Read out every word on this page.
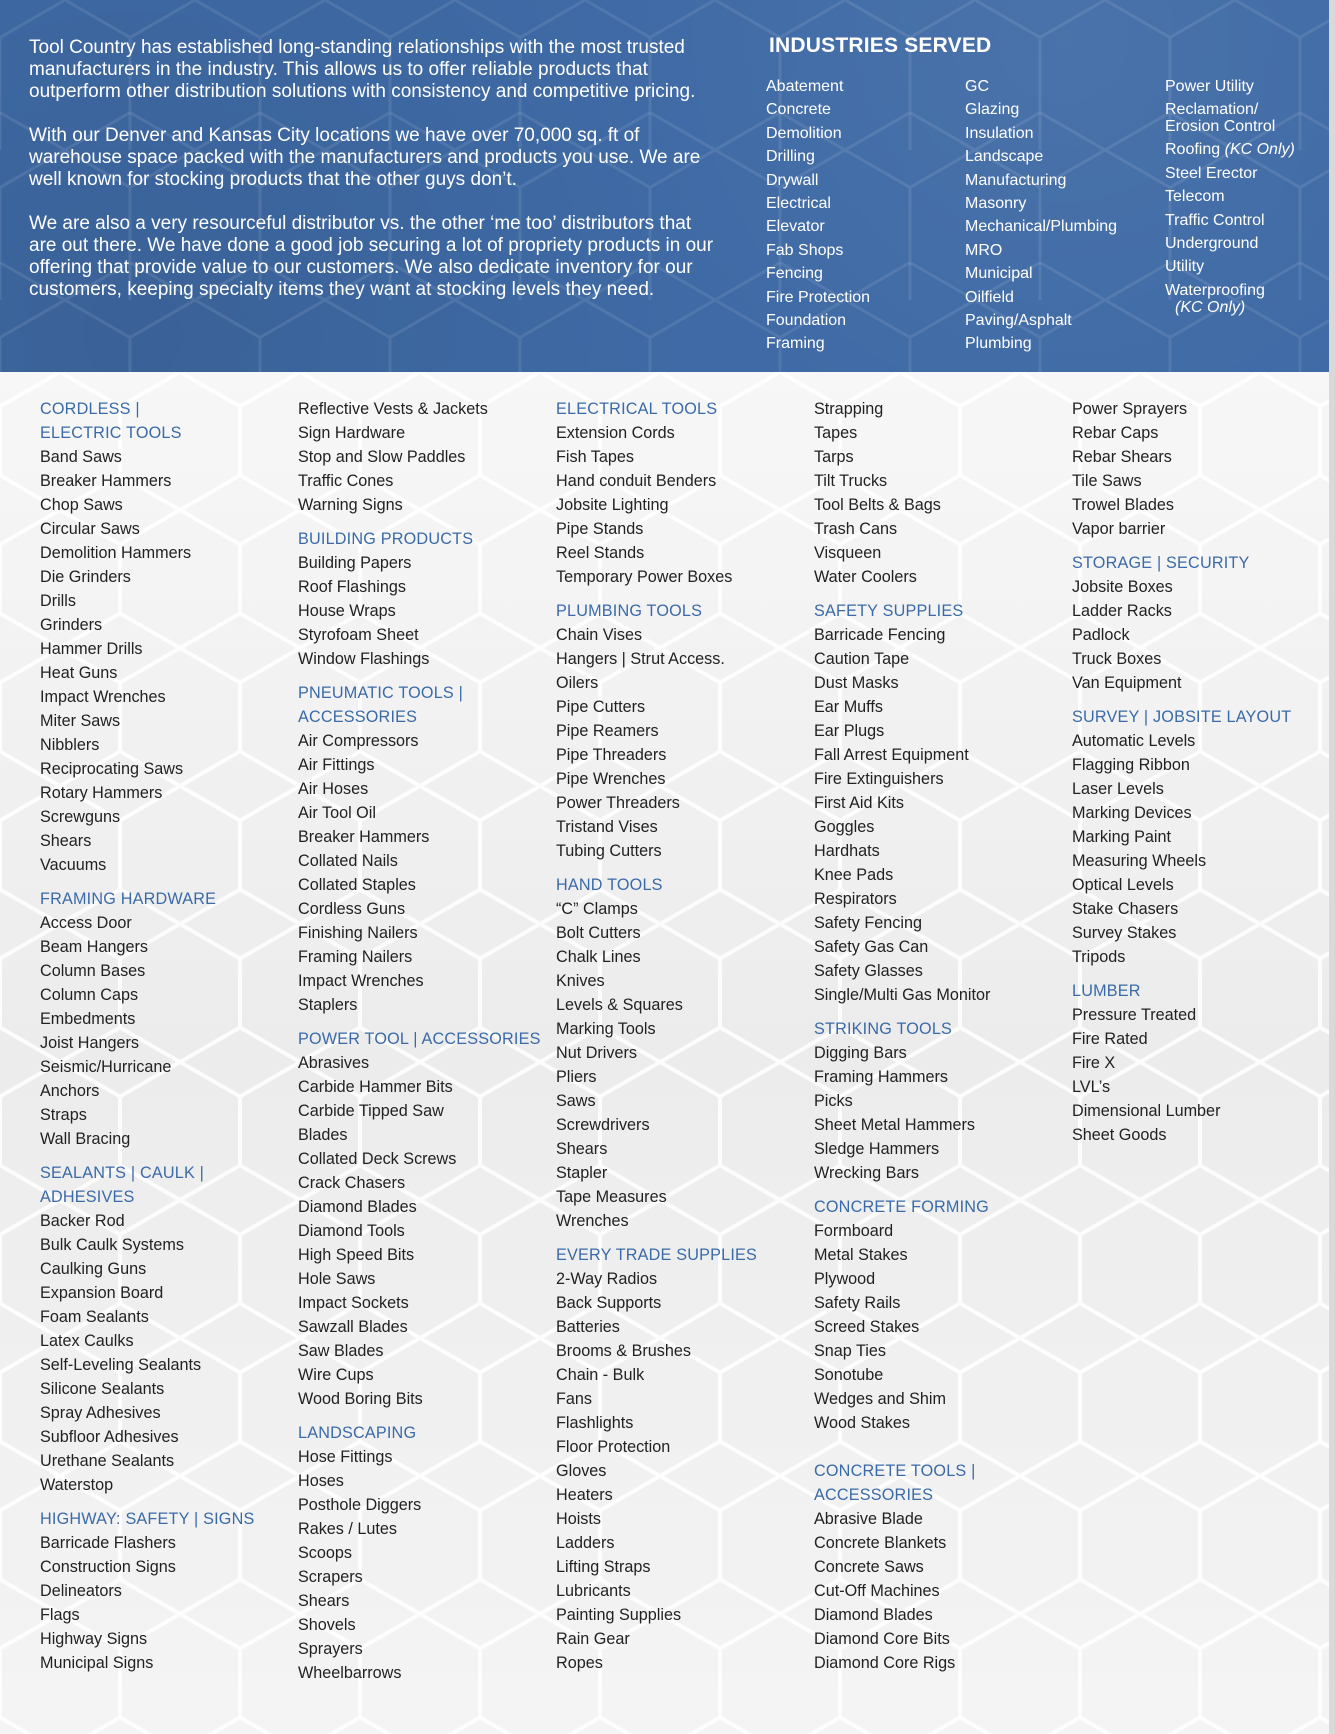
Tool Country has established long-standing relationships with the most trusted manufacturers in the industry. This allows us to offer reliable products that outperform other distribution solutions with consistency and competitive pricing.

With our Denver and Kansas City locations we have over 70,000 sq. ft of warehouse space packed with the manufacturers and products you use. We are well known for stocking products that the other guys don’t.

We are also a very resourceful distributor vs. the other ‘me too’ distributors that are out there. We have done a good job securing a lot of propriety products in our offering that provide value to our customers. We also dedicate inventory for our customers, keeping specialty items they want at stocking levels they need.

INDUSTRIES SERVED
Abatement
Concrete
Demolition
Drilling
Drywall
Electrical
Elevator
Fab Shops
Fencing
Fire Protection
Foundation
Framing
GC
Glazing
Insulation
Landscape
Manufacturing
Masonry
Mechanical/Plumbing
MRO
Municipal
Oilfield
Paving/Asphalt
Plumbing
Power Utility
Reclamation/
Erosion Control
Roofing (KC Only)
Steel Erector
Telecom
Traffic Control
Underground
Utility
Waterproofing
(KC Only)
CORDLESS |
ELECTRIC TOOLS
Band Saws
Breaker Hammers
Chop Saws
Circular Saws
Demolition Hammers
Die Grinders
Drills
Grinders
Hammer Drills
Heat Guns
Impact Wrenches
Miter Saws
Nibblers
Reciprocating Saws
Rotary Hammers
Screwguns
Shears
Vacuums
FRAMING HARDWARE
Access Door
Beam Hangers
Column Bases
Column Caps
Embedments
Joist Hangers
Seismic/Hurricane
Anchors
Straps
Wall Bracing
SEALANTS | CAULK |
ADHESIVES
Backer Rod
Bulk Caulk Systems
Caulking Guns
Expansion Board
Foam Sealants
Latex Caulks
Self-Leveling Sealants
Silicone Sealants
Spray Adhesives
Subfloor Adhesives
Urethane Sealants
Waterstop
HIGHWAY: SAFETY | SIGNS
Barricade Flashers
Construction Signs
Delineators
Flags
Highway Signs
Municipal Signs
Reflective Vests & Jackets
Sign Hardware
Stop and Slow Paddles
Traffic Cones
Warning Signs
BUILDING PRODUCTS
Building Papers
Roof Flashings
House Wraps
Styrofoam Sheet
Window Flashings
PNEUMATIC TOOLS |
ACCESSORIES
Air Compressors
Air Fittings
Air Hoses
Air Tool Oil
Breaker Hammers
Collated Nails
Collated Staples
Cordless Guns
Finishing Nailers
Framing Nailers
Impact Wrenches
Staplers
POWER TOOL | ACCESSORIES
Abrasives
Carbide Hammer Bits
Carbide Tipped Saw
Blades
Collated Deck Screws
Crack Chasers
Diamond Blades
Diamond Tools
High Speed Bits
Hole Saws
Impact Sockets
Sawzall Blades
Saw Blades
Wire Cups
Wood Boring Bits
LANDSCAPING
Hose Fittings
Hoses
Posthole Diggers
Rakes / Lutes
Scoops
Scrapers
Shears
Shovels
Sprayers
Wheelbarrows
ELECTRICAL TOOLS
Extension Cords
Fish Tapes
Hand conduit Benders
Jobsite Lighting
Pipe Stands
Reel Stands
Temporary Power Boxes
PLUMBING TOOLS
Chain Vises
Hangers | Strut Access.
Oilers
Pipe Cutters
Pipe Reamers
Pipe Threaders
Pipe Wrenches
Power Threaders
Tristand Vises
Tubing Cutters
HAND TOOLS
“C” Clamps
Bolt Cutters
Chalk Lines
Knives
Levels & Squares
Marking Tools
Nut Drivers
Pliers
Saws
Screwdrivers
Shears
Stapler
Tape Measures
Wrenches
EVERY TRADE SUPPLIES
2-Way Radios
Back Supports
Batteries
Brooms & Brushes
Chain - Bulk
Fans
Flashlights
Floor Protection
Gloves
Heaters
Hoists
Ladders
Lifting Straps
Lubricants
Painting Supplies
Rain Gear
Ropes
Strapping
Tapes
Tarps
Tilt Trucks
Tool Belts & Bags
Trash Cans
Visqueen
Water Coolers
SAFETY SUPPLIES
Barricade Fencing
Caution Tape
Dust Masks
Ear Muffs
Ear Plugs
Fall Arrest Equipment
Fire Extinguishers
First Aid Kits
Goggles
Hardhats
Knee Pads
Respirators
Safety Fencing
Safety Gas Can
Safety Glasses
Single/Multi Gas Monitor
STRIKING TOOLS
Digging Bars
Framing Hammers
Picks
Sheet Metal Hammers
Sledge Hammers
Wrecking Bars
CONCRETE FORMING
Formboard
Metal Stakes
Plywood
Safety Rails
Screed Stakes
Snap Ties
Sonotube
Wedges and Shim
Wood Stakes
CONCRETE TOOLS |
ACCESSORIES
Abrasive Blade
Concrete Blankets
Concrete Saws
Cut-Off Machines
Diamond Blades
Diamond Core Bits
Diamond Core Rigs
Power Sprayers
Rebar Caps
Rebar Shears
Tile Saws
Trowel Blades
Vapor barrier
STORAGE | SECURITY
Jobsite Boxes
Ladder Racks
Padlock
Truck Boxes
Van Equipment
SURVEY | JOBSITE LAYOUT
Automatic Levels
Flagging Ribbon
Laser Levels
Marking Devices
Marking Paint
Measuring Wheels
Optical Levels
Stake Chasers
Survey Stakes
Tripods
LUMBER
Pressure Treated
Fire Rated
Fire X
LVL’s
Dimensional Lumber
Sheet Goods
